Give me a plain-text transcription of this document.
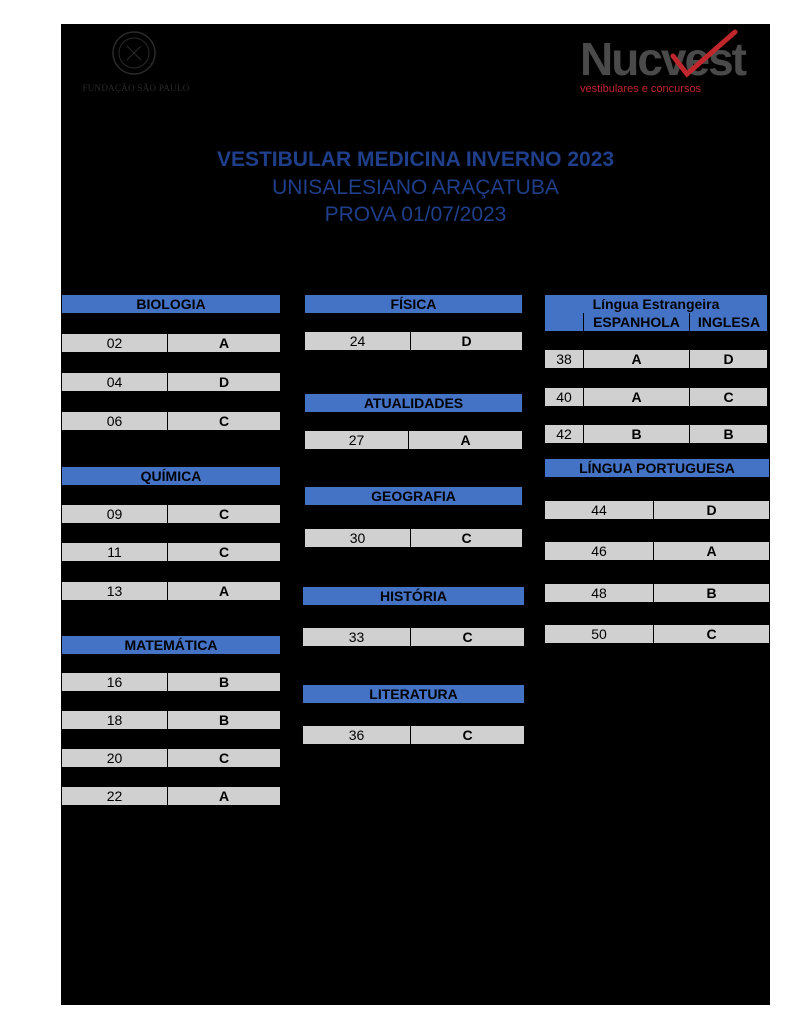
FUNDAÇÃO SÃO PAULO
Nucvest
vestibulares e concursos
VESTIBULAR MEDICINA INVERNO 2023
UNISALESIANO ARAÇATUBA
PROVA 01/07/2023
BIOLOGIA
02	A
04	D
06	C
QUÍMICA
09	C
11	C
13	A
MATEMÁTICA
16	B
18	B
20	C
22	A
FÍSICA
24	D
ATUALIDADES
27	A
GEOGRAFIA
30	C
HISTÓRIA
33	C
LITERATURA
36	C
Língua Estrangeira
ESPANHOLA	INGLESA
38	A	D
40	A	C
42	B	B
LÍNGUA PORTUGUESA
44	D
46	A
48	B
50	C
